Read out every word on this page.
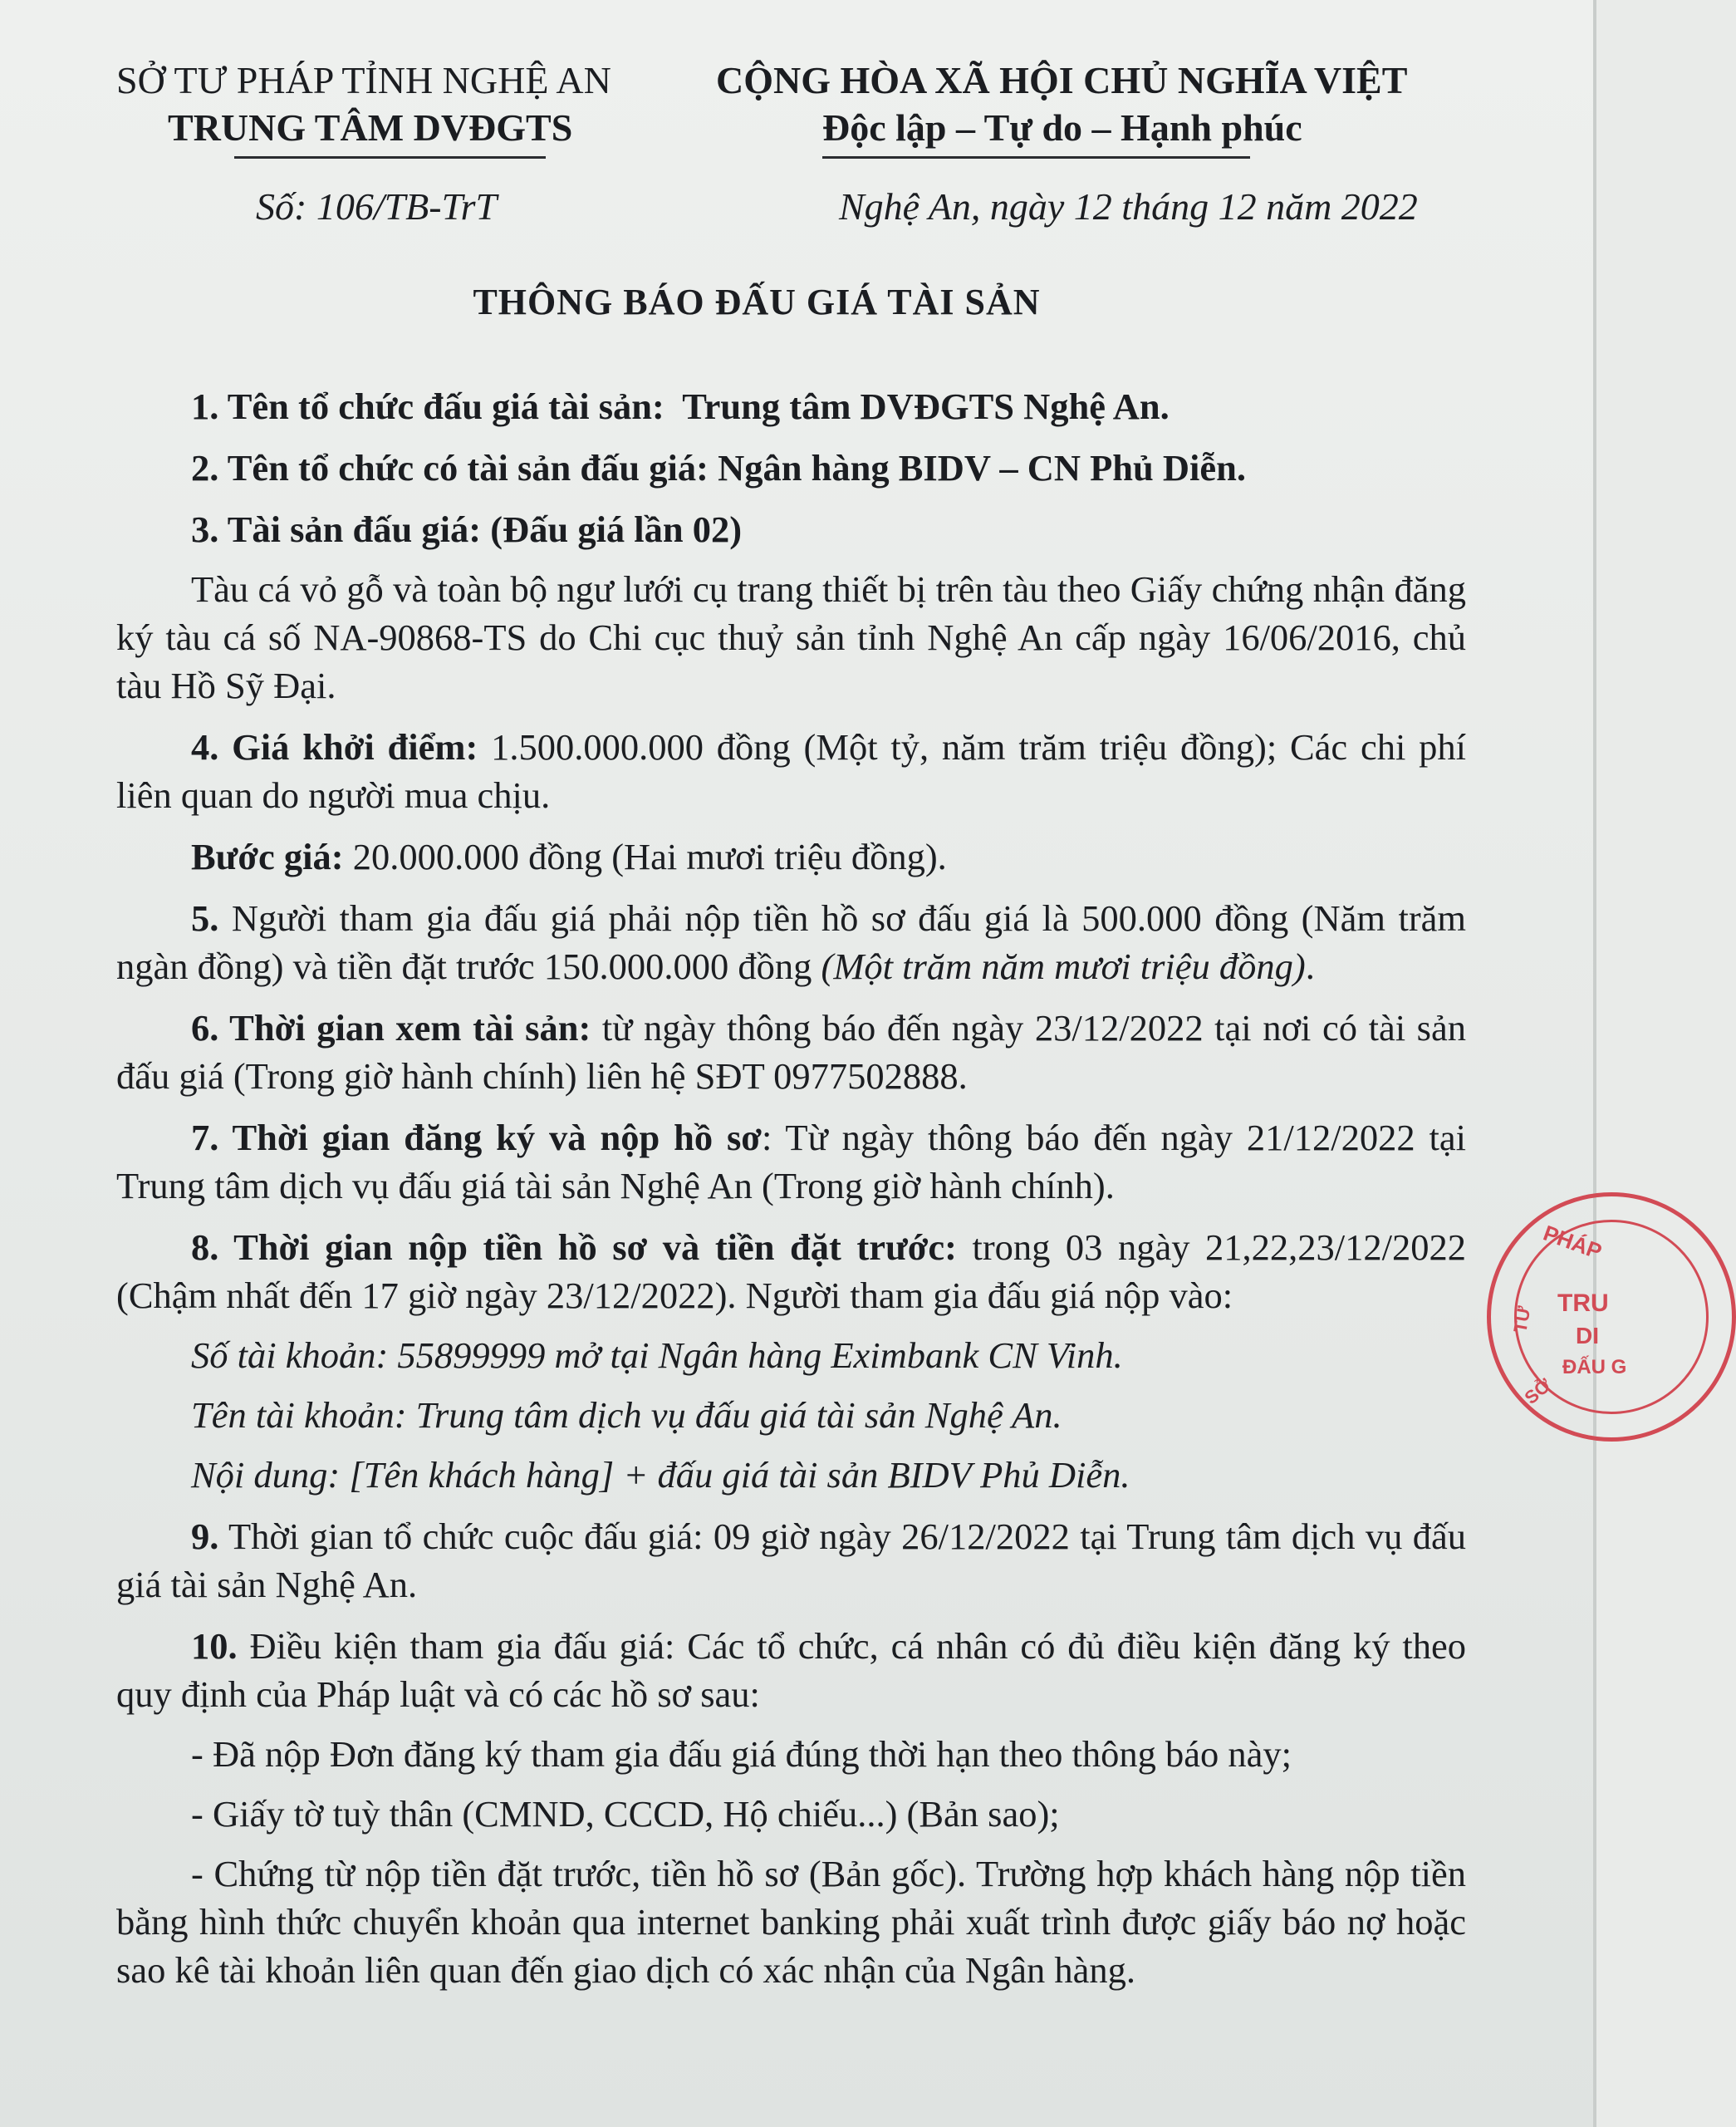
SỞ TƯ PHÁP TỈNH NGHỆ AN
TRUNG TÂM DVĐGTS
CỘNG HÒA XÃ HỘI CHỦ NGHĨA VIỆT
Độc lập – Tự do – Hạnh phúc
Số: 106/TB-TrT	Nghệ An, ngày 12 tháng 12 năm 2022
THÔNG BÁO ĐẤU GIÁ TÀI SẢN

1. Tên tổ chức đấu giá tài sản: Trung tâm DVĐGTS Nghệ An.

2. Tên tổ chức có tài sản đấu giá: Ngân hàng BIDV – CN Phủ Diễn.

3. Tài sản đấu giá: (Đấu giá lần 02)

Tàu cá vỏ gỗ và toàn bộ ngư lưới cụ trang thiết bị trên tàu theo Giấy chứng nhận đăng ký tàu cá số NA-90868-TS do Chi cục thuỷ sản tỉnh Nghệ An cấp ngày 16/06/2016, chủ tàu Hồ Sỹ Đại.

4. Giá khởi điểm: 1.500.000.000 đồng (Một tỷ, năm trăm triệu đồng); Các chi phí liên quan do người mua chịu.

Bước giá: 20.000.000 đồng (Hai mươi triệu đồng).

5. Người tham gia đấu giá phải nộp tiền hồ sơ đấu giá là 500.000 đồng (Năm trăm ngàn đồng) và tiền đặt trước 150.000.000 đồng (Một trăm năm mươi triệu đồng).

6. Thời gian xem tài sản: từ ngày thông báo đến ngày 23/12/2022 tại nơi có tài sản đấu giá (Trong giờ hành chính) liên hệ SĐT 0977502888.

7. Thời gian đăng ký và nộp hồ sơ: Từ ngày thông báo đến ngày 21/12/2022 tại Trung tâm dịch vụ đấu giá tài sản Nghệ An (Trong giờ hành chính).

8. Thời gian nộp tiền hồ sơ và tiền đặt trước: trong 03 ngày 21,22,23/12/2022 (Chậm nhất đến 17 giờ ngày 23/12/2022). Người tham gia đấu giá nộp vào:

Số tài khoản: 55899999 mở tại Ngân hàng Eximbank CN Vinh.

Tên tài khoản: Trung tâm dịch vụ đấu giá tài sản Nghệ An.

Nội dung: [Tên khách hàng] + đấu giá tài sản BIDV Phủ Diễn.

9. Thời gian tổ chức cuộc đấu giá: 09 giờ ngày 26/12/2022 tại Trung tâm dịch vụ đấu giá tài sản Nghệ An.

10. Điều kiện tham gia đấu giá: Các tổ chức, cá nhân có đủ điều kiện đăng ký theo quy định của Pháp luật và có các hồ sơ sau:

- Đã nộp Đơn đăng ký tham gia đấu giá đúng thời hạn theo thông báo này;

- Giấy tờ tuỳ thân (CMND, CCCD, Hộ chiếu...) (Bản sao);

- Chứng từ nộp tiền đặt trước, tiền hồ sơ (Bản gốc). Trường hợp khách hàng nộp tiền bằng hình thức chuyển khoản qua internet banking phải xuất trình được giấy báo nợ hoặc sao kê tài khoản liên quan đến giao dịch có xác nhận của Ngân hàng.

PHÁP
TRU
DI
ĐẤU G
TƯ
SỞ
